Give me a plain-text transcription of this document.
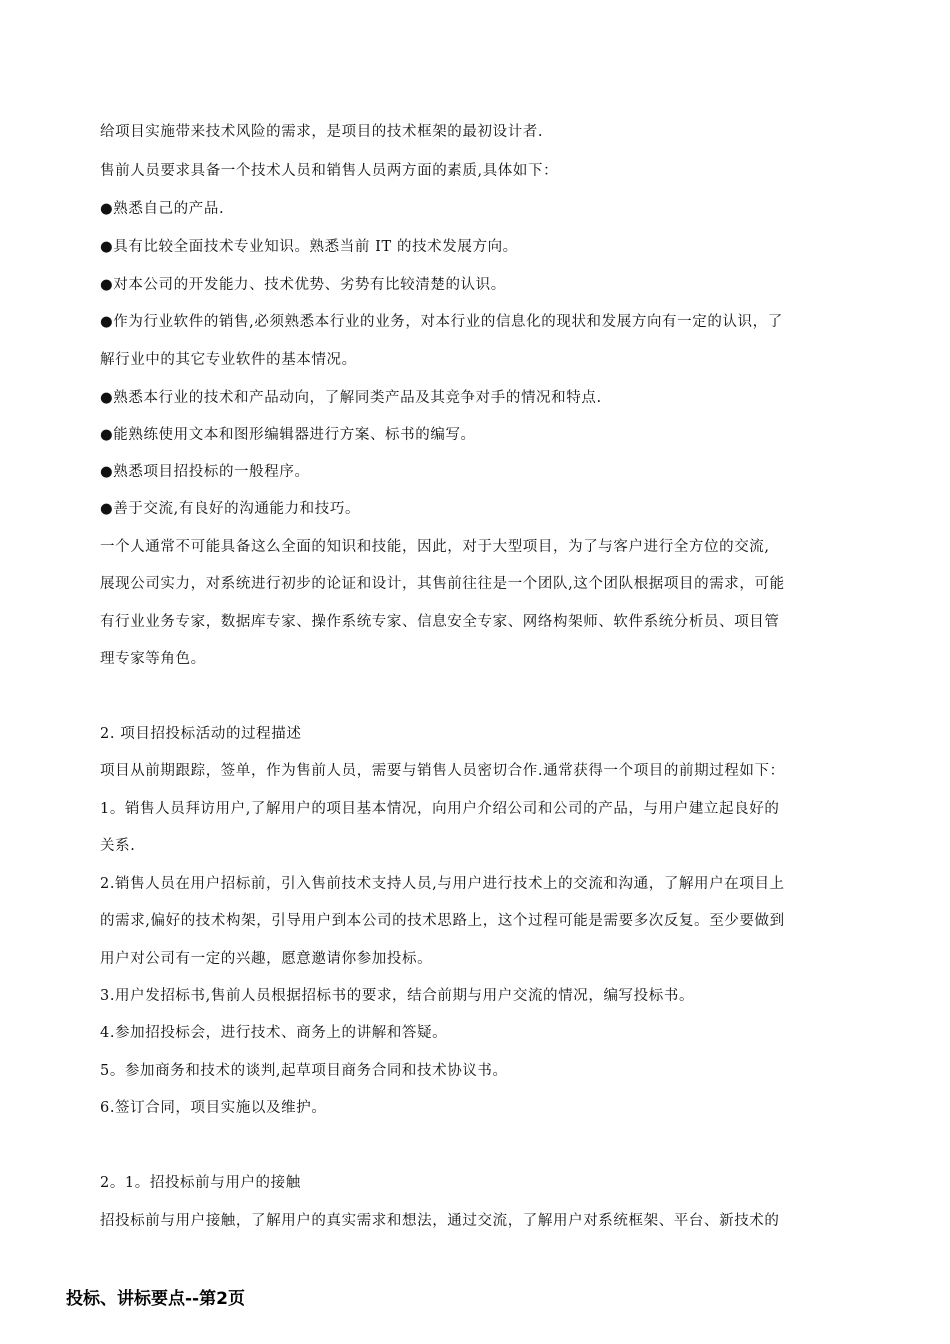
给项目实施带来技术风险的需求，是项目的技术框架的最初设计者.
售前人员要求具备一个技术人员和销售人员两方面的素质,具体如下：
●熟悉自己的产品.
●具有比较全面技术专业知识。熟悉当前 IT 的技术发展方向。
●对本公司的开发能力、技术优势、劣势有比较清楚的认识。
●作为行业软件的销售,必须熟悉本行业的业务，对本行业的信息化的现状和发展方向有一定的认识，了
解行业中的其它专业软件的基本情况。
●熟悉本行业的技术和产品动向，了解同类产品及其竞争对手的情况和特点.
●能熟练使用文本和图形编辑器进行方案、标书的编写。
●熟悉项目招投标的一般程序。
●善于交流,有良好的沟通能力和技巧。
一个人通常不可能具备这么全面的知识和技能，因此，对于大型项目，为了与客户进行全方位的交流,
展现公司实力，对系统进行初步的论证和设计，其售前往往是一个团队,这个团队根据项目的需求，可能
有行业业务专家，数据库专家、操作系统专家、信息安全专家、网络构架师、软件系统分析员、项目管
理专家等角色。
2. 项目招投标活动的过程描述
项目从前期跟踪，签单，作为售前人员，需要与销售人员密切合作.通常获得一个项目的前期过程如下：
1。销售人员拜访用户,了解用户的项目基本情况，向用户介绍公司和公司的产品，与用户建立起良好的
关系.
2.销售人员在用户招标前，引入售前技术支持人员,与用户进行技术上的交流和沟通，了解用户在项目上
的需求,偏好的技术构架，引导用户到本公司的技术思路上，这个过程可能是需要多次反复。至少要做到
用户对公司有一定的兴趣，愿意邀请你参加投标。
3.用户发招标书,售前人员根据招标书的要求，结合前期与用户交流的情况，编写投标书。
4.参加招投标会，进行技术、商务上的讲解和答疑。
5。参加商务和技术的谈判,起草项目商务合同和技术协议书。
6.签订合同，项目实施以及维护。
2。1。招投标前与用户的接触
招投标前与用户接触，了解用户的真实需求和想法，通过交流，了解用户对系统框架、平台、新技术的
投标、讲标要点--第2页
